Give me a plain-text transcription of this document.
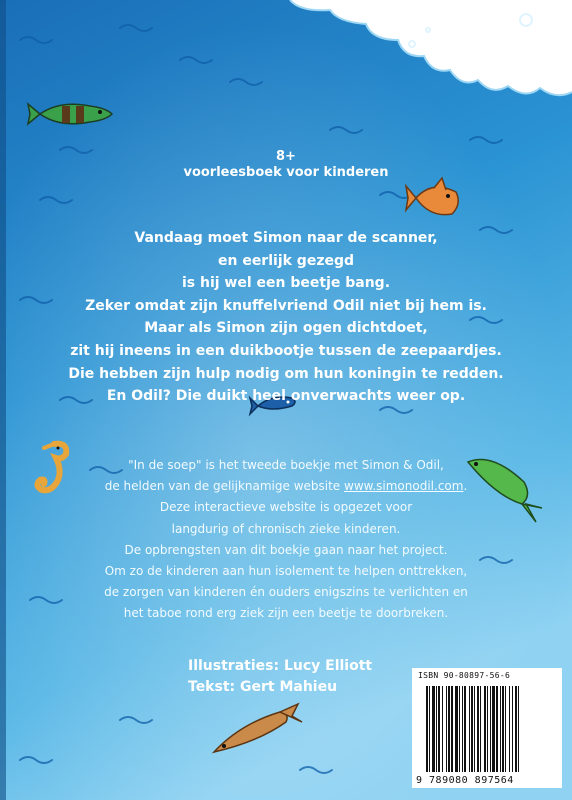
8+
voorleesboek voor kinderen
Vandaag moet Simon naar de scanner,
en eerlijk gezegd
is hij wel een beetje bang.
Zeker omdat zijn knuffelvriend Odil niet bij hem is.
Maar als Simon zijn ogen dichtdoet,
zit hij ineens in een duikbootje tussen de zeepaardjes.
Die hebben zijn hulp nodig om hun koningin te redden.
En Odil? Die duikt heel onverwachts weer op.
"In de soep" is het tweede boekje met Simon & Odil,
de helden van de gelijknamige website www.simonodil.com.
Deze interactieve website is opgezet voor
langdurig of chronisch zieke kinderen.
De opbrengsten van dit boekje gaan naar het project.
Om zo de kinderen aan hun isolement te helpen onttrekken,
de zorgen van kinderen én ouders enigszins te verlichten en
het taboe rond erg ziek zijn een beetje te doorbreken.
Illustraties: Lucy Elliott
Tekst: Gert Mahieu
ISBN 90-80897-56-6
9 789080 897564
